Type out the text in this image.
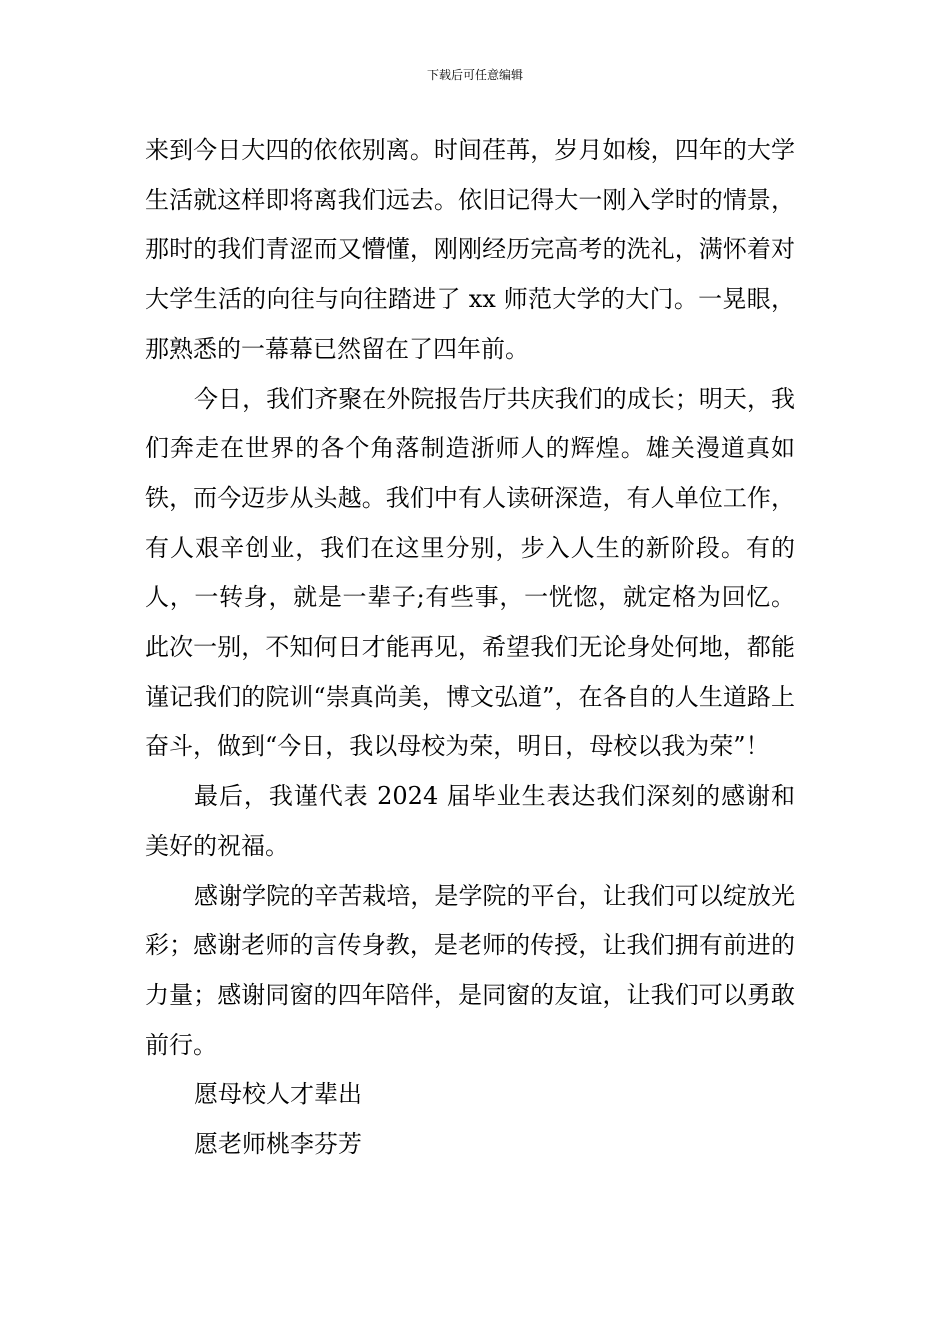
下载后可任意编辑

来到今日大四的依依别离。时间荏苒，岁月如梭，四年的大学生活就这样即将离我们远去。依旧记得大一刚入学时的情景，那时的我们青涩而又懵懂，刚刚经历完高考的洗礼，满怀着对大学生活的向往与向往踏进了 xx 师范大学的大门。一晃眼，那熟悉的一幕幕已然留在了四年前。

今日，我们齐聚在外院报告厅共庆我们的成长；明天，我们奔走在世界的各个角落制造浙师人的辉煌。雄关漫道真如铁，而今迈步从头越。我们中有人读研深造，有人单位工作，有人艰辛创业，我们在这里分别，步入人生的新阶段。有的人，一转身，就是一辈子;有些事，一恍惚，就定格为回忆。此次一别，不知何日才能再见，希望我们无论身处何地，都能谨记我们的院训“崇真尚美，博文弘道”，在各自的人生道路上奋斗，做到“今日，我以母校为荣，明日，母校以我为荣”！

最后，我谨代表 2024 届毕业生表达我们深刻的感谢和美好的祝福。

感谢学院的辛苦栽培，是学院的平台，让我们可以绽放光彩；感谢老师的言传身教，是老师的传授，让我们拥有前进的力量；感谢同窗的四年陪伴，是同窗的友谊，让我们可以勇敢前行。

愿母校人才辈出

愿老师桃李芬芳
